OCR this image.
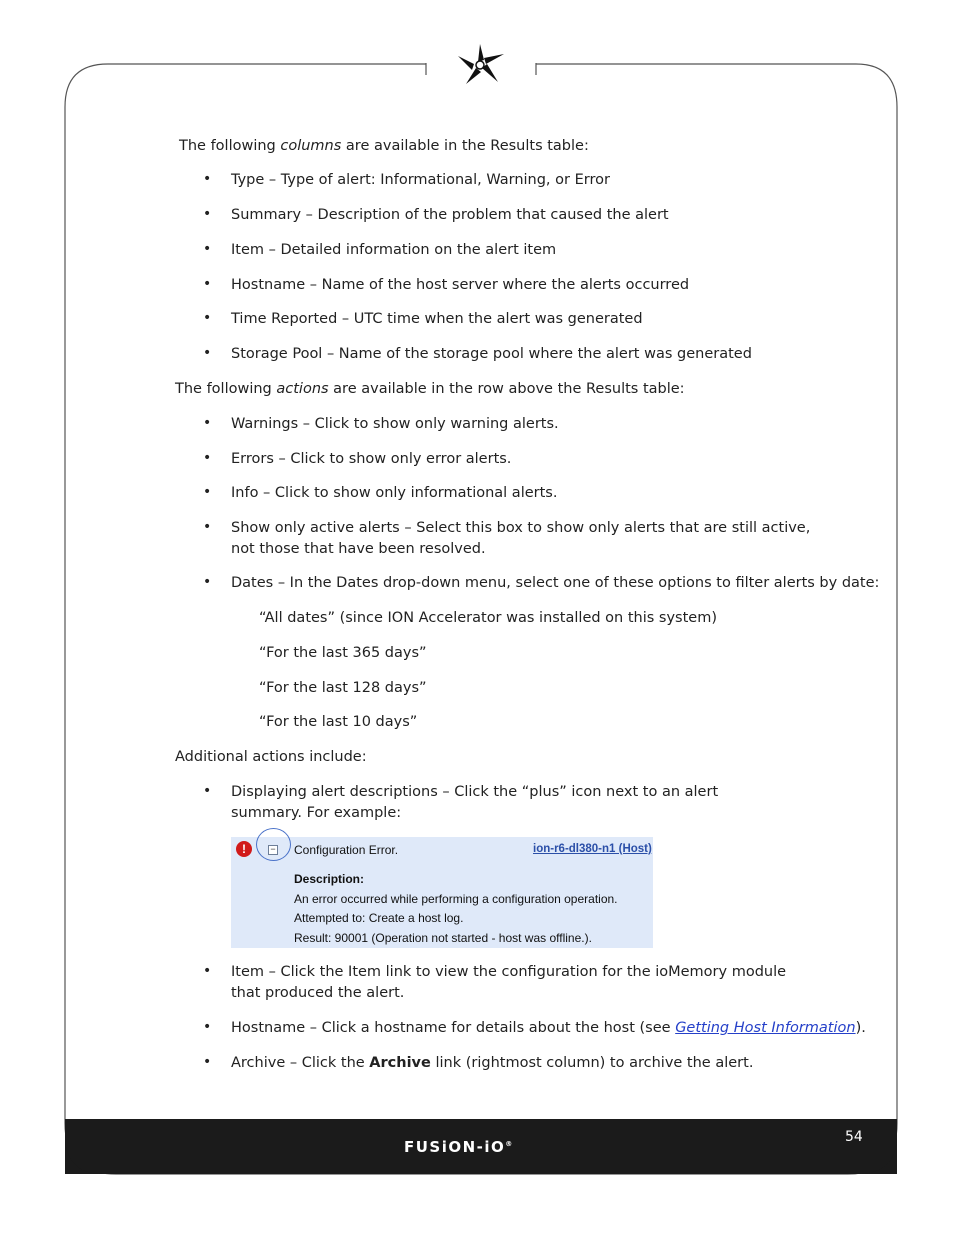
The following columns are available in the Results table:
• Type – Type of alert: Informational, Warning, or Error
• Summary – Description of the problem that caused the alert
• Item – Detailed information on the alert item
• Hostname – Name of the host server where the alerts occurred
• Time Reported – UTC time when the alert was generated
• Storage Pool – Name of the storage pool where the alert was generated
The following actions are available in the row above the Results table:
• Warnings – Click to show only warning alerts.
• Errors – Click to show only error alerts.
• Info – Click to show only informational alerts.
• Show only active alerts – Select this box to show only alerts that are still active, not those that have been resolved.
• Dates – In the Dates drop-down menu, select one of these options to filter alerts by date:
“All dates” (since ION Accelerator was installed on this system)
“For the last 365 days”
“For the last 128 days”
“For the last 10 days”
Additional actions include:
• Displaying alert descriptions – Click the “plus” icon next to an alert summary. For example:
!	− Configuration Error.	ion-r6-dl380-n1 (Host)
Description:
An error occurred while performing a configuration operation.
Attempted to: Create a host log.
Result: 90001 (Operation not started - host was offline.).
• Item – Click the Item link to view the configuration for the ioMemory module that produced the alert.
• Hostname – Click a hostname for details about the host (see Getting Host Information).
• Archive – Click the Archive link (rightmost column) to archive the alert.
54
FUSiON-iO®
